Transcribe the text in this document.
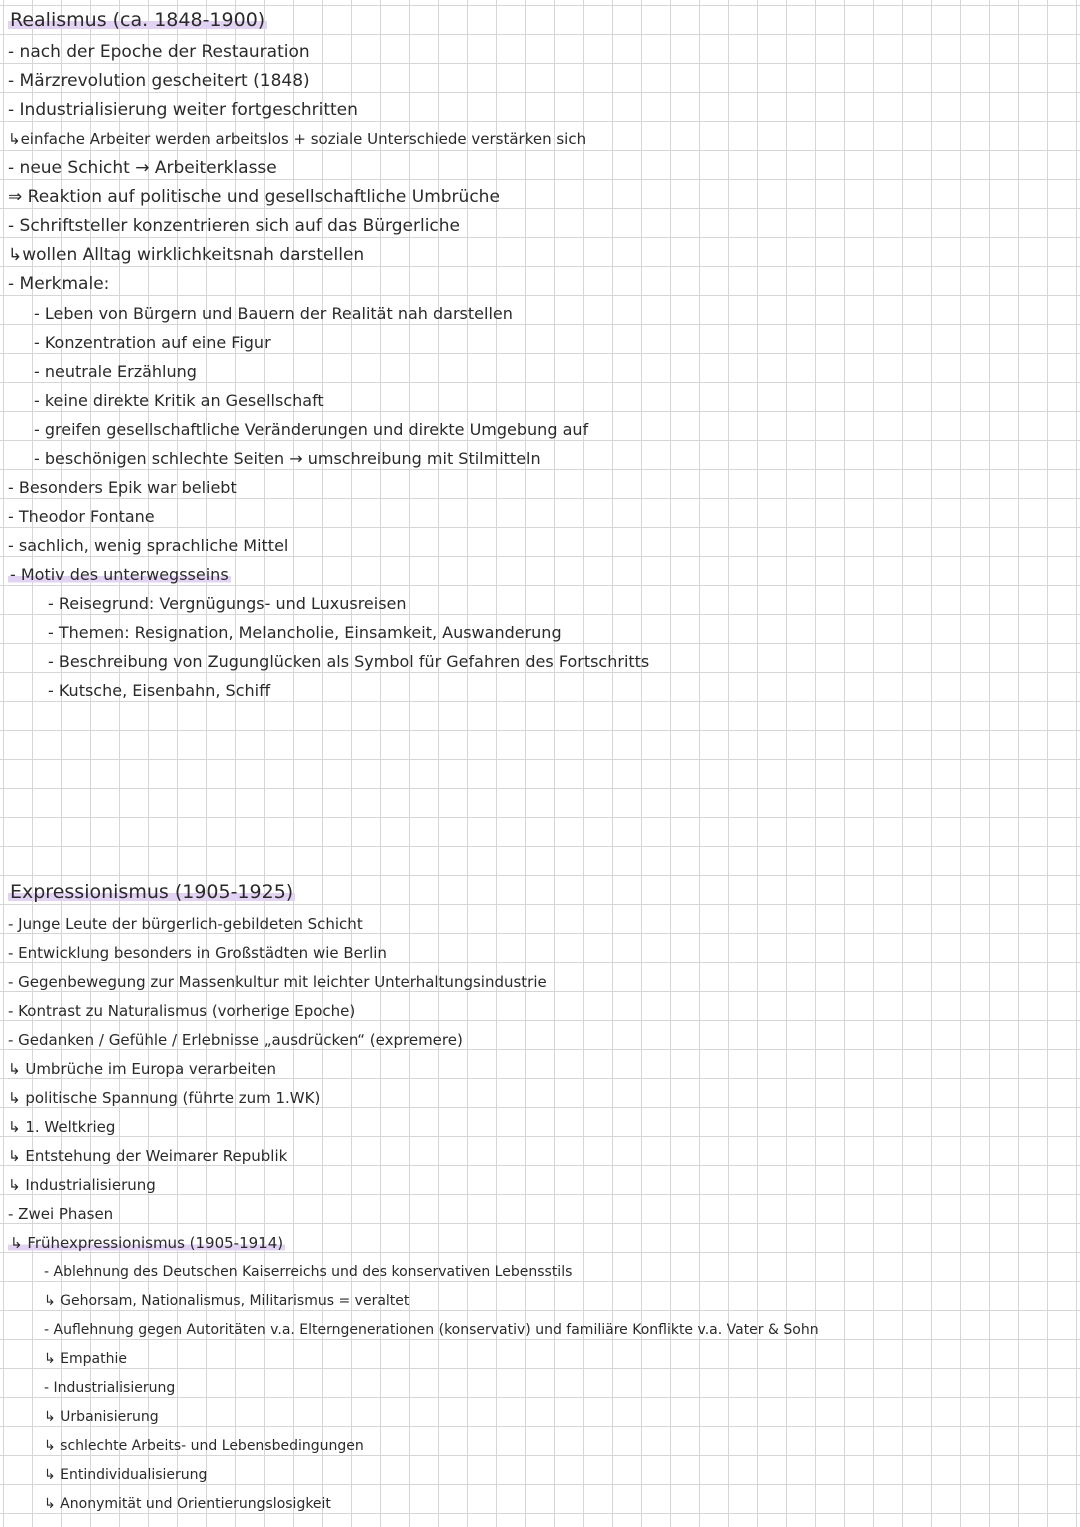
Realismus (ca. 1848-1900)
- nach der Epoche der Restauration
- Märzrevolution gescheitert (1848)
- Industrialisierung weiter fortgeschritten
↳einfache Arbeiter werden arbeitslos + soziale Unterschiede verstärken sich
- neue Schicht → Arbeiterklasse
⇒ Reaktion auf politische und gesellschaftliche Umbrüche
- Schriftsteller konzentrieren sich auf das Bürgerliche
↳wollen Alltag wirklichkeitsnah darstellen
- Merkmale:
- Leben von Bürgern und Bauern der Realität nah darstellen
- Konzentration auf eine Figur
- neutrale Erzählung
- keine direkte Kritik an Gesellschaft
- greifen gesellschaftliche Veränderungen und direkte Umgebung auf
- beschönigen schlechte Seiten → umschreibung mit Stilmitteln
- Besonders Epik war beliebt
- Theodor Fontane
- sachlich, wenig sprachliche Mittel
- Motiv des unterwegsseins
- Reisegrund: Vergnügungs- und Luxusreisen
- Themen: Resignation, Melancholie, Einsamkeit, Auswanderung
- Beschreibung von Zugunglücken als Symbol für Gefahren des Fortschritts
- Kutsche, Eisenbahn, Schiff
Expressionismus (1905-1925)
- Junge Leute der bürgerlich-gebildeten Schicht
- Entwicklung besonders in Großstädten wie Berlin
- Gegenbewegung zur Massenkultur mit leichter Unterhaltungsindustrie
- Kontrast zu Naturalismus (vorherige Epoche)
- Gedanken / Gefühle / Erlebnisse „ausdrücken“ (expremere)
↳ Umbrüche im Europa verarbeiten
↳ politische Spannung (führte zum 1.WK)
↳ 1. Weltkrieg
↳ Entstehung der Weimarer Republik
↳ Industrialisierung
- Zwei Phasen
↳ Frühexpressionismus (1905-1914)
- Ablehnung des Deutschen Kaiserreichs und des konservativen Lebensstils
↳ Gehorsam, Nationalismus, Militarismus = veraltet
- Auflehnung gegen Autoritäten v.a. Elterngenerationen (konservativ) und familiäre Konflikte v.a. Vater & Sohn
↳ Empathie
- Industrialisierung
↳ Urbanisierung
↳ schlechte Arbeits- und Lebensbedingungen
↳ Entindividualisierung
↳ Anonymität und Orientierungslosigkeit
